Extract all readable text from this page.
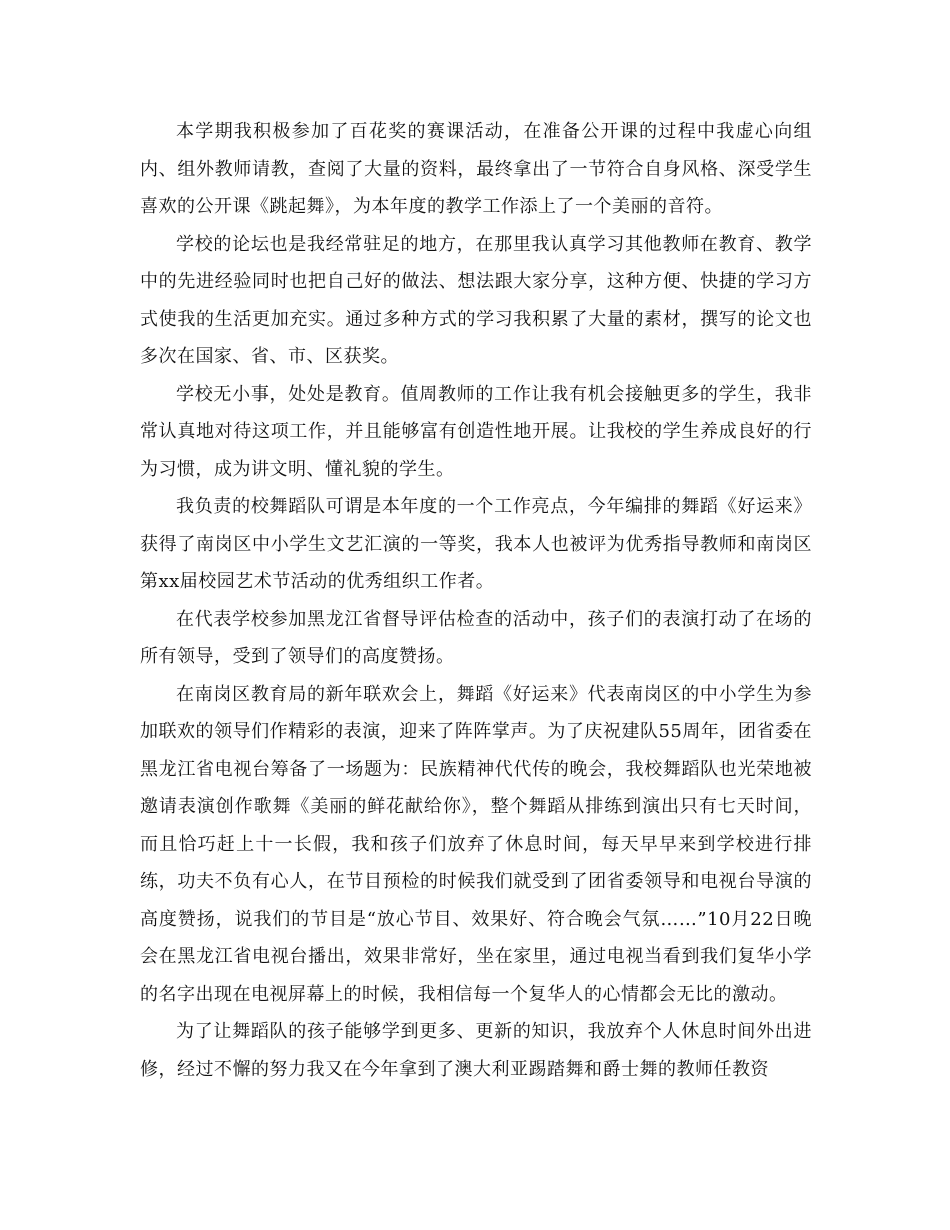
本学期我积极参加了百花奖的赛课活动，在准备公开课的过程中我虚心向组内、组外教师请教，查阅了大量的资料，最终拿出了一节符合自身风格、深受学生喜欢的公开课《跳起舞》，为本年度的教学工作添上了一个美丽的音符。

学校的论坛也是我经常驻足的地方，在那里我认真学习其他教师在教育、教学中的先进经验同时也把自己好的做法、想法跟大家分享，这种方便、快捷的学习方式使我的生活更加充实。通过多种方式的学习我积累了大量的素材，撰写的论文也多次在国家、省、市、区获奖。

学校无小事，处处是教育。值周教师的工作让我有机会接触更多的学生，我非常认真地对待这项工作，并且能够富有创造性地开展。让我校的学生养成良好的行为习惯，成为讲文明、懂礼貌的学生。

我负责的校舞蹈队可谓是本年度的一个工作亮点，今年编排的舞蹈《好运来》获得了南岗区中小学生文艺汇演的一等奖，我本人也被评为优秀指导教师和南岗区第xx届校园艺术节活动的优秀组织工作者。

在代表学校参加黑龙江省督导评估检查的活动中，孩子们的表演打动了在场的所有领导，受到了领导们的高度赞扬。

在南岗区教育局的新年联欢会上，舞蹈《好运来》代表南岗区的中小学生为参加联欢的领导们作精彩的表演，迎来了阵阵掌声。为了庆祝建队55周年，团省委在黑龙江省电视台筹备了一场题为：民族精神代代传的晚会，我校舞蹈队也光荣地被邀请表演创作歌舞《美丽的鲜花献给你》，整个舞蹈从排练到演出只有七天时间，而且恰巧赶上十一长假，我和孩子们放弃了休息时间，每天早早来到学校进行排练，功夫不负有心人，在节目预检的时候我们就受到了团省委领导和电视台导演的高度赞扬，说我们的节目是“放心节目、效果好、符合晚会气氛……”10月22日晚会在黑龙江省电视台播出，效果非常好，坐在家里，通过电视当看到我们复华小学的名字出现在电视屏幕上的时候，我相信每一个复华人的心情都会无比的激动。

为了让舞蹈队的孩子能够学到更多、更新的知识，我放弃个人休息时间外出进修，经过不懈的努力我又在今年拿到了澳大利亚踢踏舞和爵士舞的教师任教资
